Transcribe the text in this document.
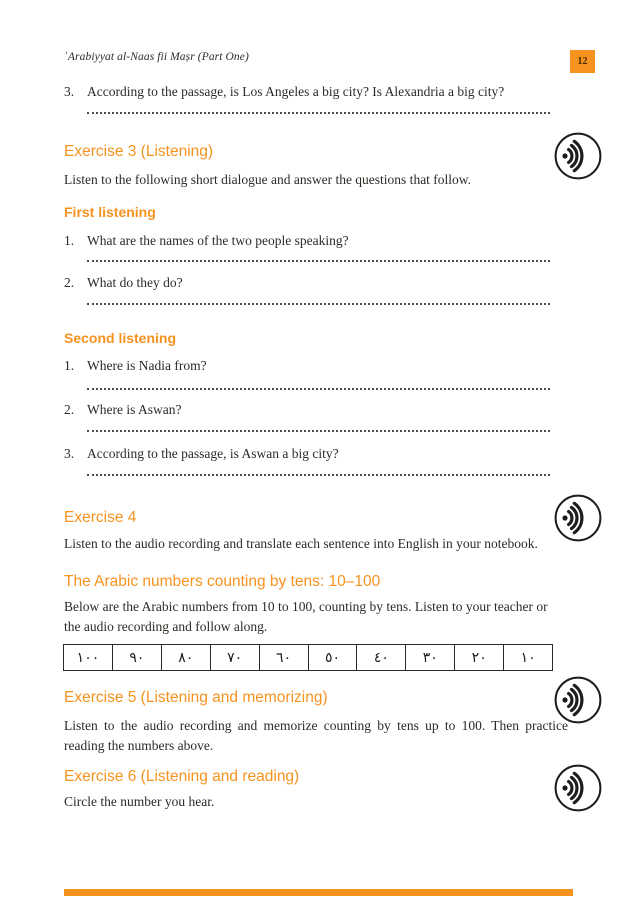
ʿArabiyyat al-Naas fii Maṣr (Part One)	12
3. According to the passage, is Los Angeles a big city? Is Alexandria a big city?
Exercise 3 (Listening)
Listen to the following short dialogue and answer the questions that follow.
First listening
1. What are the names of the two people speaking?
2. What do they do?
Second listening
1. Where is Nadia from?
2. Where is Aswan?
3. According to the passage, is Aswan a big city?
Exercise 4
Listen to the audio recording and translate each sentence into English in your notebook.
The Arabic numbers counting by tens: 10–100
Below are the Arabic numbers from 10 to 100, counting by tens. Listen to your teacher or the audio recording and follow along.
١٠٠	٩٠	٨٠	٧٠	٦٠	٥٠	٤٠	٣٠	٢٠	١٠
Exercise 5 (Listening and memorizing)
Listen to the audio recording and memorize counting by tens up to 100. Then practice reading the numbers above.
Exercise 6 (Listening and reading)
Circle the number you hear.
